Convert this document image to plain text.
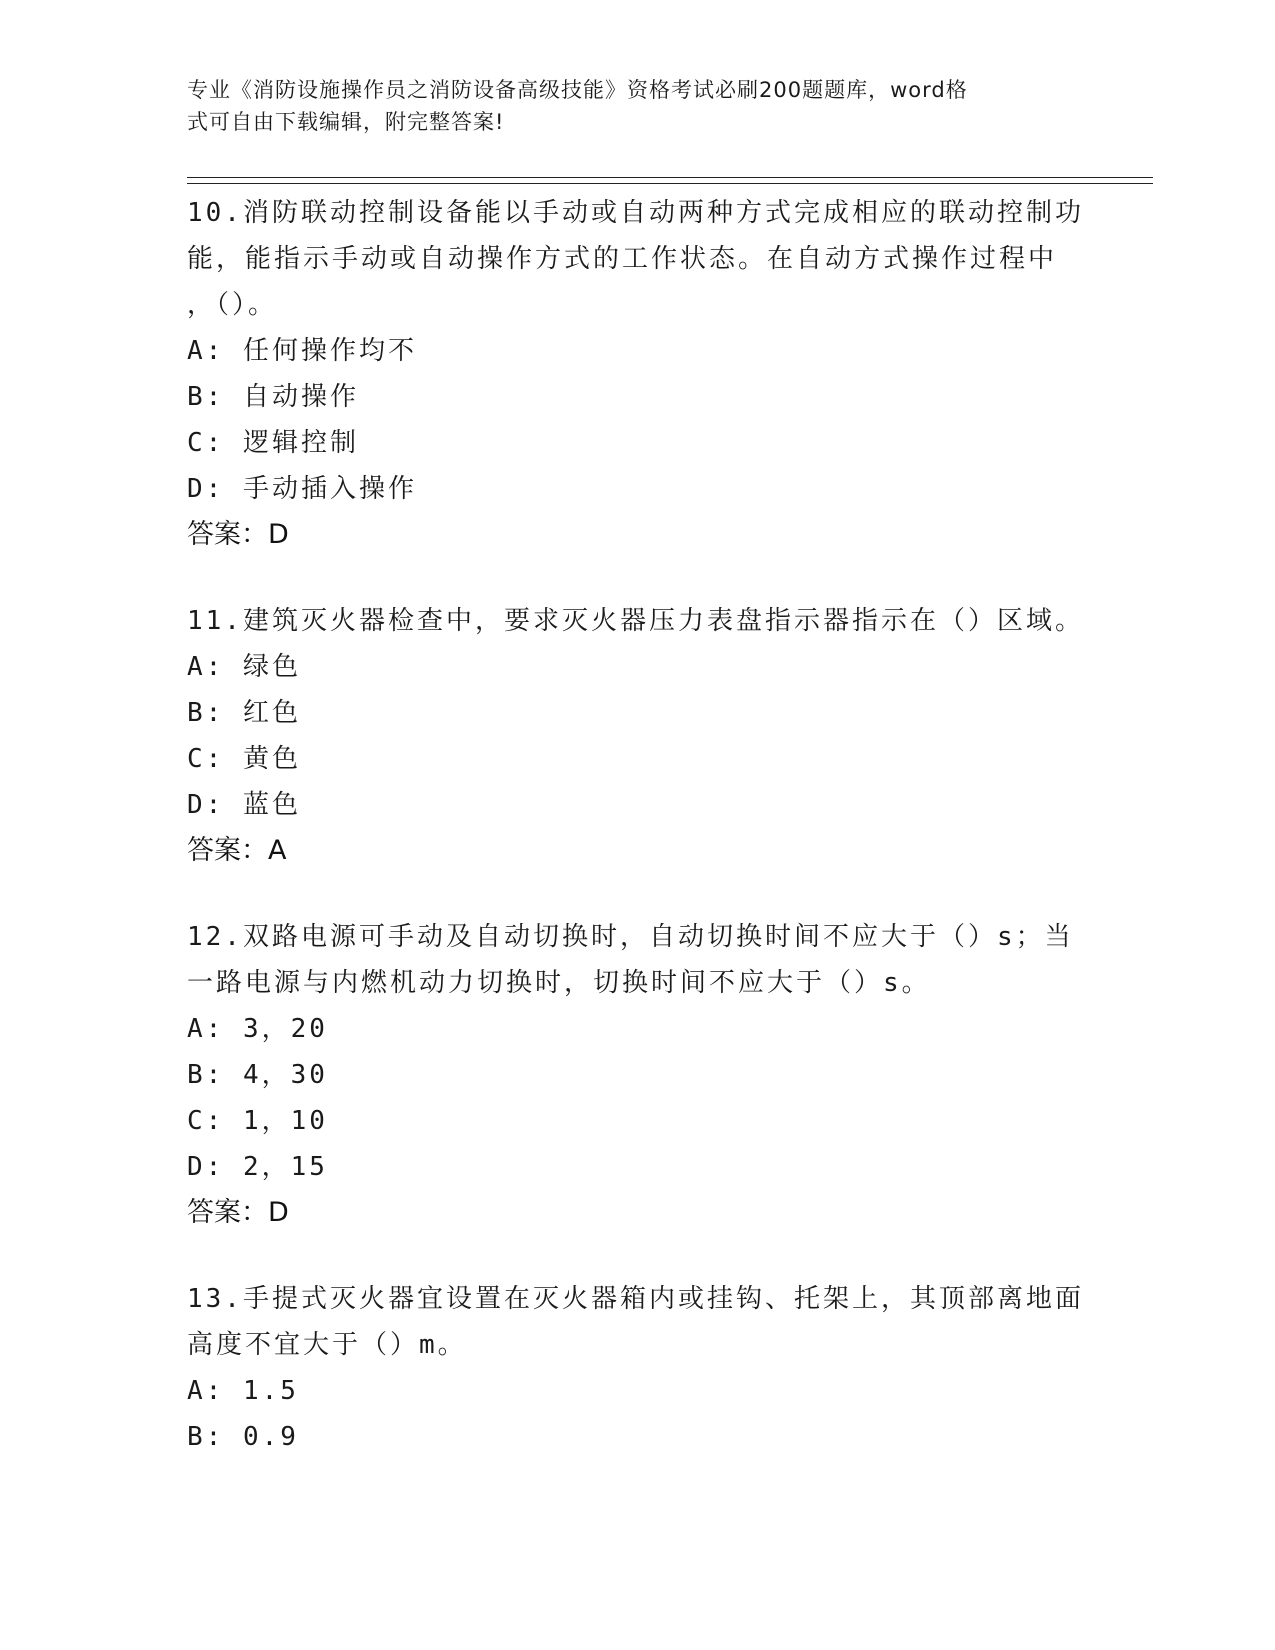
专业《消防设施操作员之消防设备高级技能》资格考试必刷200题题库，word格
式可自由下载编辑，附完整答案!
10.消防联动控制设备能以手动或自动两种方式完成相应的联动控制功
能，能指示手动或自动操作方式的工作状态。在自动方式操作过程中
，（）。
A: 任何操作均不
B: 自动操作
C: 逻辑控制
D: 手动插入操作
答案：D
11.建筑灭火器检查中，要求灭火器压力表盘指示器指示在（）区域。
A: 绿色
B: 红色
C: 黄色
D: 蓝色
答案：A
12.双路电源可手动及自动切换时，自动切换时间不应大于（）s；当
一路电源与内燃机动力切换时，切换时间不应大于（）s。
A: 3，20
B: 4，30
C: 1，10
D: 2，15
答案：D
13.手提式灭火器宜设置在灭火器箱内或挂钩、托架上，其顶部离地面
高度不宜大于（）m。
A: 1.5
B: 0.9
